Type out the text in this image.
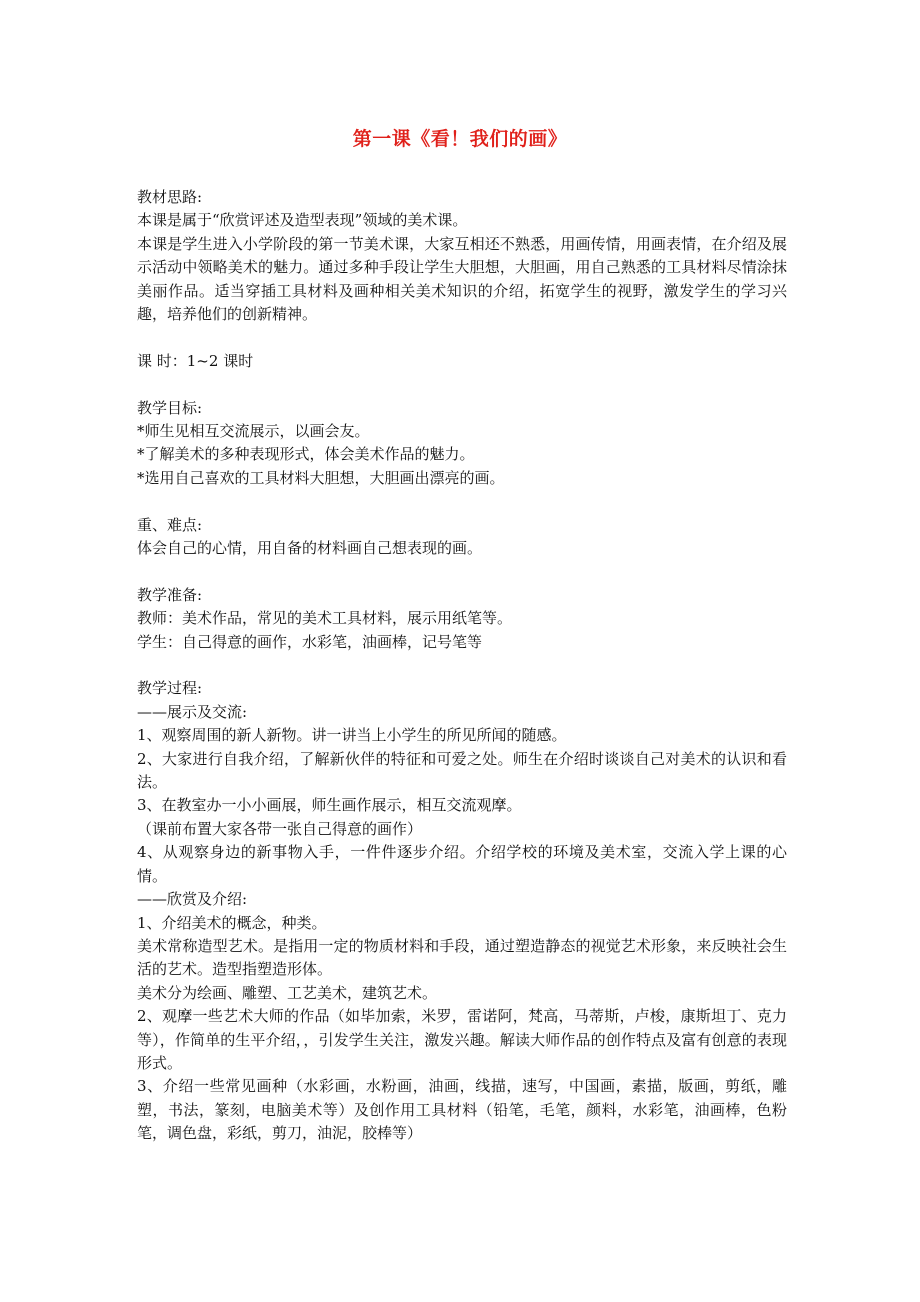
第一课《看！我们的画》

教材思路:

本课是属于“欣赏评述及造型表现”领域的美术课。

本课是学生进入小学阶段的第一节美术课，大家互相还不熟悉，用画传情，用画表情，在介绍及展示活动中领略美术的魅力。通过多种手段让学生大胆想，大胆画，用自己熟悉的工具材料尽情涂抹美丽作品。适当穿插工具材料及画种相关美术知识的介绍，拓宽学生的视野，激发学生的学习兴趣，培养他们的创新精神。

课 时：1~2 课时

教学目标:

*师生见相互交流展示，以画会友。

*了解美术的多种表现形式，体会美术作品的魅力。

*选用自己喜欢的工具材料大胆想，大胆画出漂亮的画。

重、难点:

体会自己的心情，用自备的材料画自己想表现的画。

教学准备:

教师：美术作品，常见的美术工具材料，展示用纸笔等。

学生：自己得意的画作，水彩笔，油画棒，记号笔等

教学过程:

——展示及交流:

1、观察周围的新人新物。讲一讲当上小学生的所见所闻的随感。

2、大家进行自我介绍，了解新伙伴的特征和可爱之处。师生在介绍时谈谈自己对美术的认识和看法。

3、在教室办一小小画展，师生画作展示，相互交流观摩。

（课前布置大家各带一张自己得意的画作）

4、从观察身边的新事物入手，一件件逐步介绍。介绍学校的环境及美术室，交流入学上课的心情。

——欣赏及介绍:

1、介绍美术的概念，种类。

美术常称造型艺术。是指用一定的物质材料和手段，通过塑造静态的视觉艺术形象，来反映社会生活的艺术。造型指塑造形体。

美术分为绘画、雕塑、工艺美术，建筑艺术。

2、观摩一些艺术大师的作品（如毕加索，米罗，雷诺阿，梵高，马蒂斯，卢梭，康斯坦丁、克力等），作简单的生平介绍，，引发学生关注，激发兴趣。解读大师作品的创作特点及富有创意的表现形式。

3、介绍一些常见画种（水彩画，水粉画，油画，线描，速写，中国画，素描，版画，剪纸，雕塑，书法，篆刻，电脑美术等）及创作用工具材料（铅笔，毛笔，颜料，水彩笔，油画棒，色粉笔，调色盘，彩纸，剪刀，油泥，胶棒等）
